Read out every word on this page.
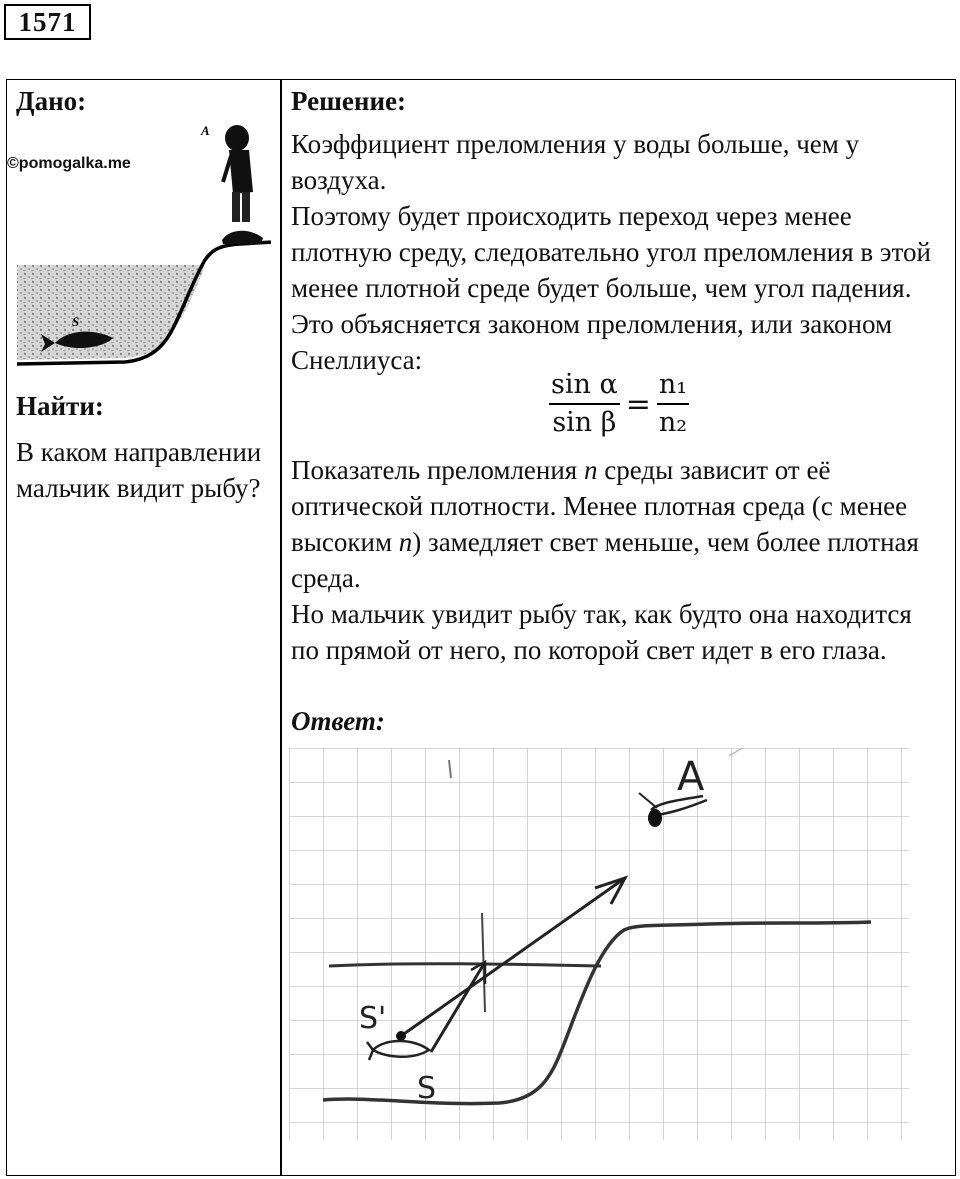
1571
Дано:
A
S
©pomogalka.me
Найти:
В каком направлении мальчик видит рыбу?
Решение:
Коэффициент преломления у воды больше, чем у воздуха.
Поэтому будет происходить переход через менее плотную среду, следовательно угол преломления в этой менее плотной среде будет больше, чем угол падения. Это объясняется законом преломления, или законом Снеллиуса:
$\frac{\text{sin α}}{\text{sin β}} = \frac{\text{n₁}}{\text{n₂}}$
Показатель преломления n среды зависит от её оптической плотности. Менее плотная среда (с менее высоким n) замедляет свет меньше, чем более плотная среда.
Но мальчик увидит рыбу так, как будто она находится по прямой от него, по которой свет идет в его глаза.
Ответ:
A
S'
S
